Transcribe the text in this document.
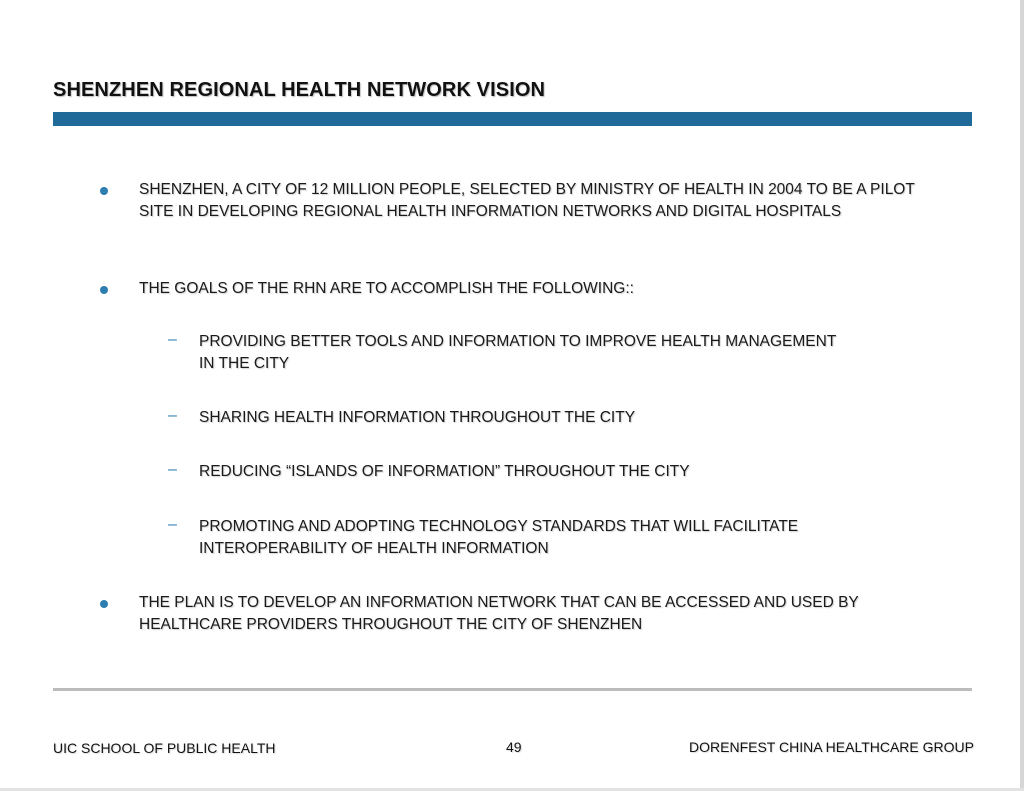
SHENZHEN REGIONAL HEALTH NETWORK VISION
SHENZHEN, A CITY OF 12 MILLION PEOPLE, SELECTED BY MINISTRY OF HEALTH IN 2004 TO BE A PILOT SITE IN DEVELOPING REGIONAL HEALTH INFORMATION NETWORKS AND DIGITAL HOSPITALS
THE GOALS OF THE RHN ARE TO ACCOMPLISH THE FOLLOWING::
– PROVIDING BETTER TOOLS AND INFORMATION TO IMPROVE HEALTH MANAGEMENT IN THE CITY
– SHARING HEALTH INFORMATION THROUGHOUT THE CITY
– REDUCING “ISLANDS OF INFORMATION” THROUGHOUT THE CITY
– PROMOTING AND ADOPTING TECHNOLOGY STANDARDS THAT WILL FACILITATE INTEROPERABILITY OF HEALTH INFORMATION
THE PLAN IS TO DEVELOP AN INFORMATION NETWORK THAT CAN BE ACCESSED AND USED BY HEALTHCARE PROVIDERS THROUGHOUT THE CITY OF SHENZHEN
UIC SCHOOL OF PUBLIC HEALTH	49	DORENFEST CHINA HEALTHCARE GROUP
